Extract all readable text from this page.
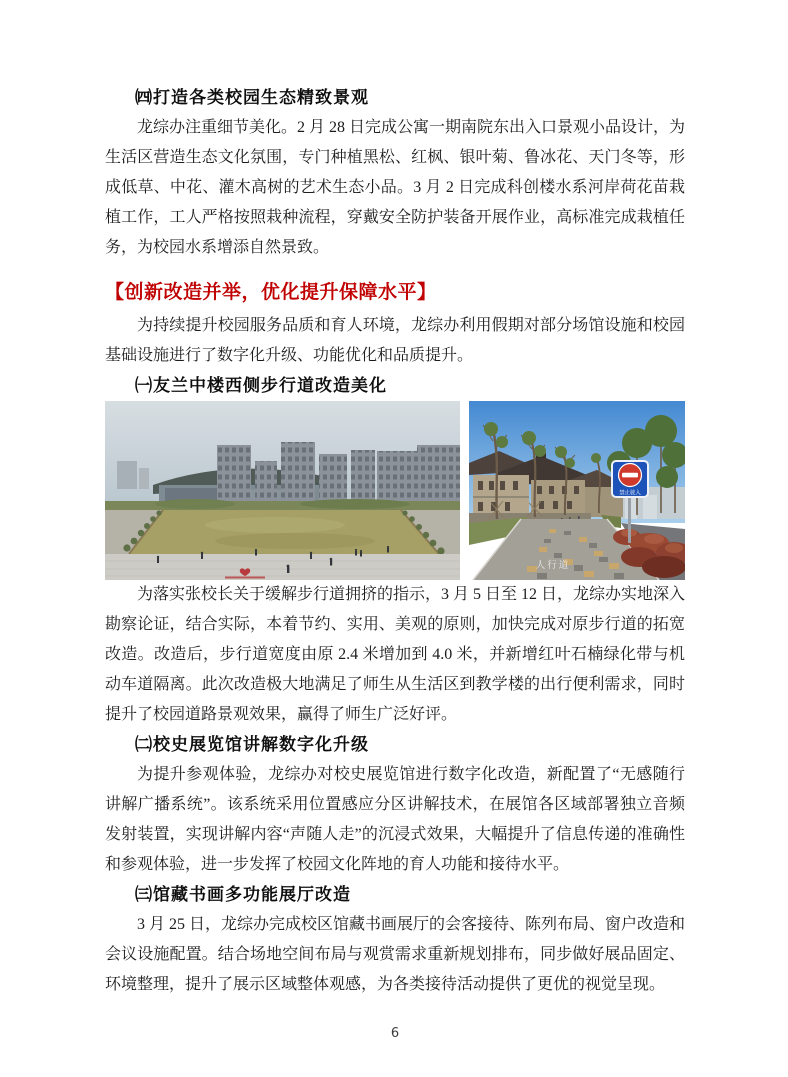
㈣打造各类校园生态精致景观

龙综办注重细节美化。2 月 28 日完成公寓一期南院东出入口景观小品设计，为生活区营造生态文化氛围，专门种植黑松、红枫、银叶菊、鲁冰花、天门冬等，形成低草、中花、灌木高树的艺术生态小品。3 月 2 日完成科创楼水系河岸荷花苗栽植工作，工人严格按照栽种流程，穿戴安全防护装备开展作业，高标准完成栽植任务，为校园水系增添自然景致。

【创新改造并举，优化提升保障水平】

为持续提升校园服务品质和育人环境，龙综办利用假期对部分场馆设施和校园基础设施进行了数字化升级、功能优化和品质提升。

㈠友兰中楼西侧步行道改造美化
禁止驶入
人行道

为落实张校长关于缓解步行道拥挤的指示，3 月 5 日至 12 日，龙综办实地深入勘察论证，结合实际，本着节约、实用、美观的原则，加快完成对原步行道的拓宽改造。改造后，步行道宽度由原 2.4 米增加到 4.0 米，并新增红叶石楠绿化带与机动车道隔离。此次改造极大地满足了师生从生活区到教学楼的出行便利需求，同时提升了校园道路景观效果，赢得了师生广泛好评。

㈡校史展览馆讲解数字化升级

为提升参观体验，龙综办对校史展览馆进行数字化改造，新配置了“无感随行讲解广播系统”。该系统采用位置感应分区讲解技术，在展馆各区域部署独立音频发射装置，实现讲解内容“声随人走”的沉浸式效果，大幅提升了信息传递的准确性和参观体验，进一步发挥了校园文化阵地的育人功能和接待水平。

㈢馆藏书画多功能展厅改造

3 月 25 日，龙综办完成校区馆藏书画展厅的会客接待、陈列布局、窗户改造和会议设施配置。结合场地空间布局与观赏需求重新规划排布，同步做好展品固定、环境整理，提升了展示区域整体观感，为各类接待活动提供了更优的视觉呈现。

6
